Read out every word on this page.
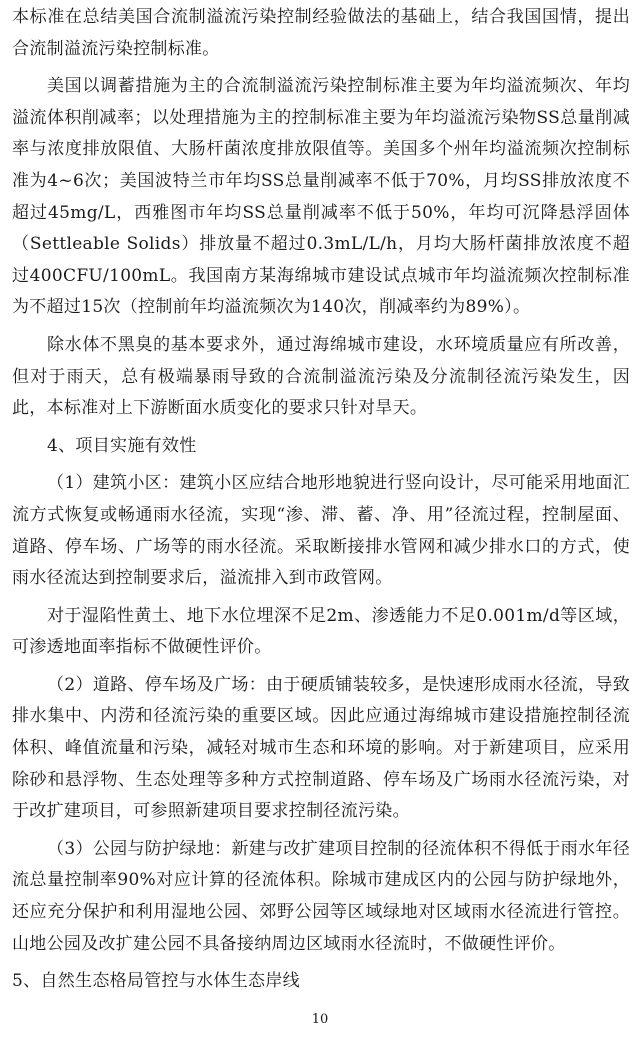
本标准在总结美国合流制溢流污染控制经验做法的基础上，结合我国国情，提出合流制溢流污染控制标准。

美国以调蓄措施为主的合流制溢流污染控制标准主要为年均溢流频次、年均溢流体积削减率；以处理措施为主的控制标准主要为年均溢流污染物SS总量削减率与浓度排放限值、大肠杆菌浓度排放限值等。美国多个州年均溢流频次控制标准为4~6次；美国波特兰市年均SS总量削减率不低于70%，月均SS排放浓度不超过45mg/L，西雅图市年均SS总量削减率不低于50%，年均可沉降悬浮固体（Settleable Solids）排放量不超过0.3mL/L/h，月均大肠杆菌排放浓度不超过400CFU/100mL。我国南方某海绵城市建设试点城市年均溢流频次控制标准为不超过15次（控制前年均溢流频次为140次，削减率约为89%）。

除水体不黑臭的基本要求外，通过海绵城市建设，水环境质量应有所改善，但对于雨天，总有极端暴雨导致的合流制溢流污染及分流制径流污染发生，因此，本标准对上下游断面水质变化的要求只针对旱天。

4、项目实施有效性

（1）建筑小区：建筑小区应结合地形地貌进行竖向设计，尽可能采用地面汇流方式恢复或畅通雨水径流，实现“渗、滞、蓄、净、用”径流过程，控制屋面、道路、停车场、广场等的雨水径流。采取断接排水管网和减少排水口的方式，使雨水径流达到控制要求后，溢流排入到市政管网。

对于湿陷性黄土、地下水位埋深不足2m、渗透能力不足0.001m/d等区域，可渗透地面率指标不做硬性评价。

（2）道路、停车场及广场：由于硬质铺装较多，是快速形成雨水径流，导致排水集中、内涝和径流污染的重要区域。因此应通过海绵城市建设措施控制径流体积、峰值流量和污染，减轻对城市生态和环境的影响。对于新建项目，应采用除砂和悬浮物、生态处理等多种方式控制道路、停车场及广场雨水径流污染，对于改扩建项目，可参照新建项目要求控制径流污染。

（3）公园与防护绿地：新建与改扩建项目控制的径流体积不得低于雨水年径流总量控制率90%对应计算的径流体积。除城市建成区内的公园与防护绿地外，还应充分保护和利用湿地公园、郊野公园等区域绿地对区域雨水径流进行管控。山地公园及改扩建公园不具备接纳周边区域雨水径流时，不做硬性评价。

5、自然生态格局管控与水体生态岸线

10
